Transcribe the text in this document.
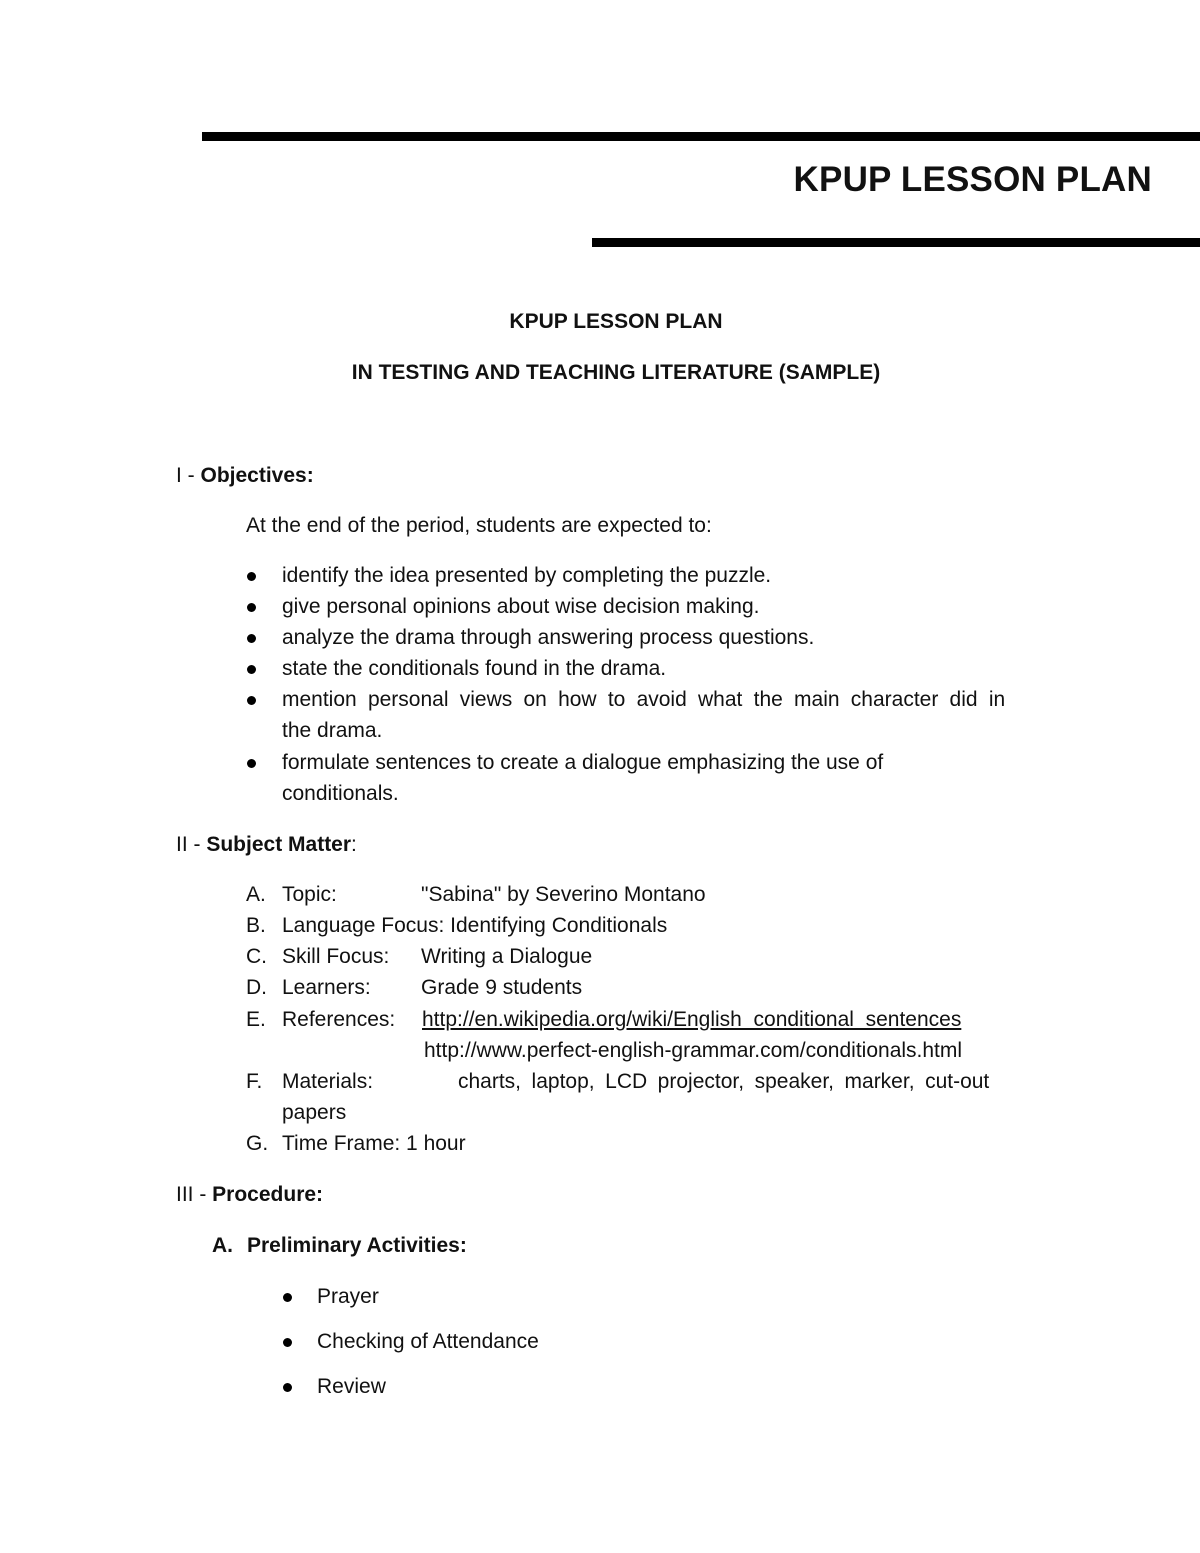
KPUP LESSON PLAN
KPUP LESSON PLAN
IN TESTING AND TEACHING LITERATURE (SAMPLE)
I - Objectives:
At the end of the period, students are expected to:
identify the idea presented by completing the puzzle.
give personal opinions about wise decision making.
analyze the drama through answering process questions.
state the conditionals found in the drama.
mention personal views on how to avoid what the main character did in
the drama.
formulate sentences to create a dialogue emphasizing the use of
conditionals.
II - Subject Matter:
A. Topic:	"Sabina" by Severino Montano
B. Language Focus: Identifying Conditionals
C. Skill Focus: Writing a Dialogue
D. Learners: Grade 9 students
E. References: http://en.wikipedia.org/wiki/English_conditional_sentences
http://www.perfect-english-grammar.com/conditionals.html
F. Materials:	charts, laptop, LCD projector, speaker, marker, cut-out
papers
G. Time Frame: 1 hour
III - Procedure:
A. Preliminary Activities:
Prayer
Checking of Attendance
Review
